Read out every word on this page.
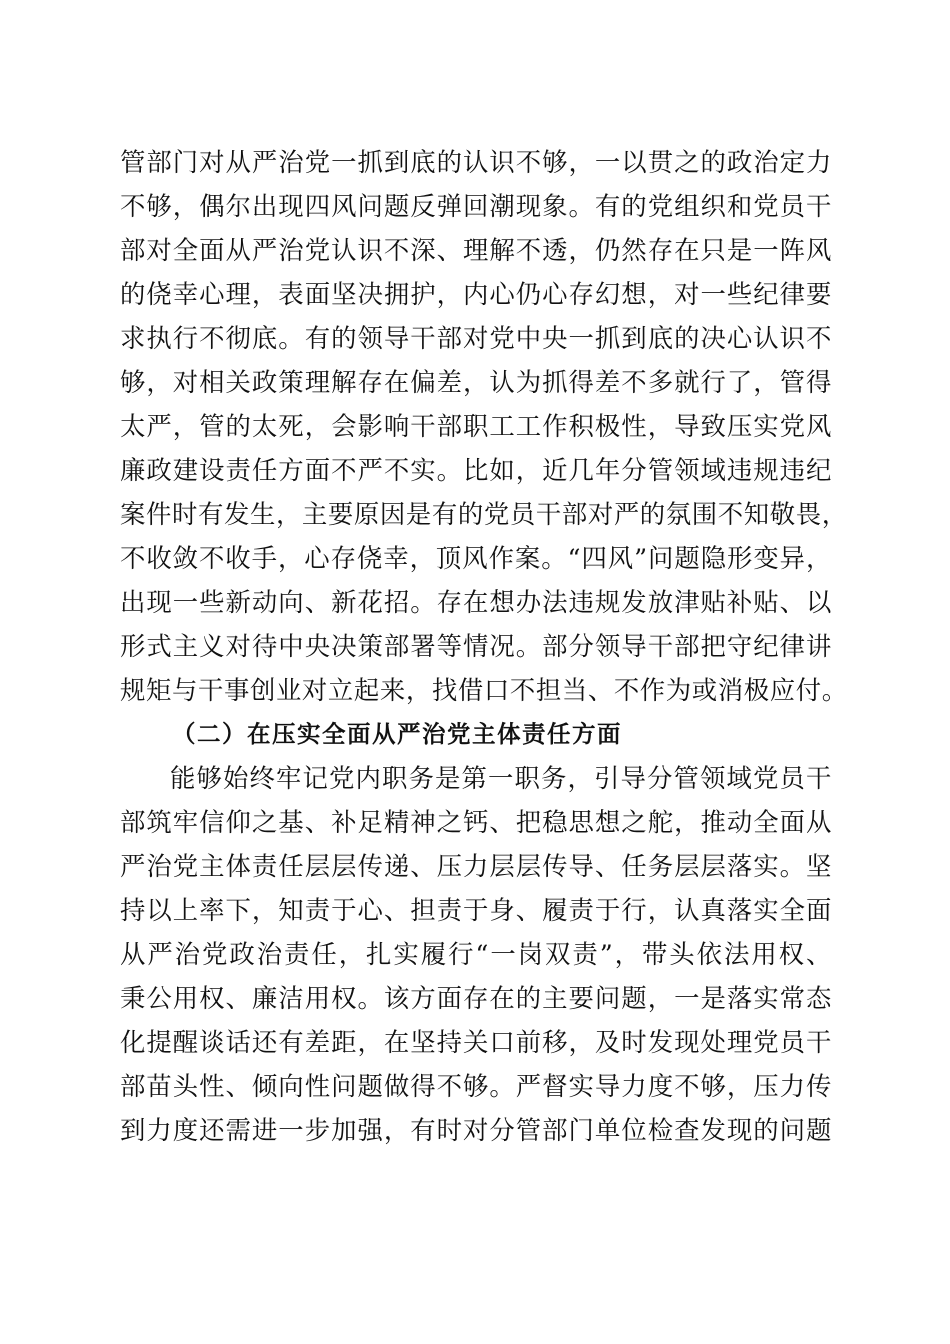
管部门对从严治党一抓到底的认识不够，一以贯之的政治定力
不够，偶尔出现四风问题反弹回潮现象。有的党组织和党员干
部对全面从严治党认识不深、理解不透，仍然存在只是一阵风
的侥幸心理，表面坚决拥护，内心仍心存幻想，对一些纪律要
求执行不彻底。有的领导干部对党中央一抓到底的决心认识不
够，对相关政策理解存在偏差，认为抓得差不多就行了，管得
太严，管的太死，会影响干部职工工作积极性，导致压实党风
廉政建设责任方面不严不实。比如，近几年分管领域违规违纪
案件时有发生，主要原因是有的党员干部对严的氛围不知敬畏，
不收敛不收手，心存侥幸，顶风作案。“四风”问题隐形变异，
出现一些新动向、新花招。存在想办法违规发放津贴补贴、以
形式主义对待中央决策部署等情况。部分领导干部把守纪律讲
规矩与干事创业对立起来，找借口不担当、不作为或消极应付。
（二）在压实全面从严治党主体责任方面
能够始终牢记党内职务是第一职务，引导分管领域党员干
部筑牢信仰之基、补足精神之钙、把稳思想之舵，推动全面从
严治党主体责任层层传递、压力层层传导、任务层层落实。坚
持以上率下，知责于心、担责于身、履责于行，认真落实全面
从严治党政治责任，扎实履行“一岗双责”，带头依法用权、
秉公用权、廉洁用权。该方面存在的主要问题，一是落实常态
化提醒谈话还有差距，在坚持关口前移，及时发现处理党员干
部苗头性、倾向性问题做得不够。严督实导力度不够，压力传
到力度还需进一步加强，有时对分管部门单位检查发现的问题
